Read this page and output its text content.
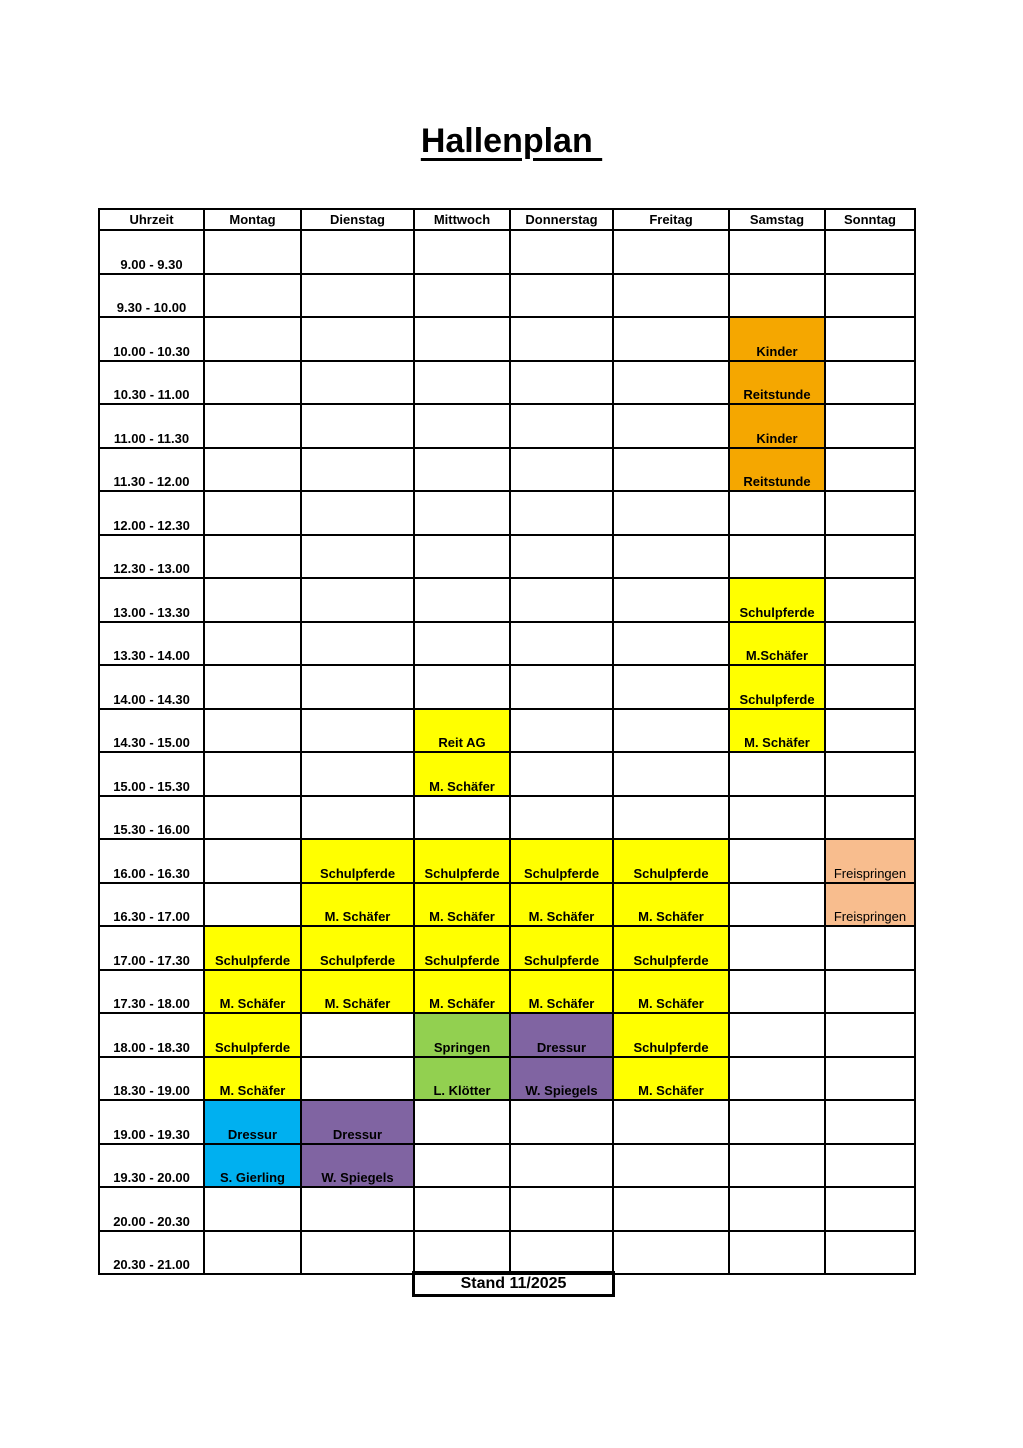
Hallenplan
Uhrzeit	Montag	Dienstag	Mittwoch	Donnerstag	Freitag	Samstag	Sonntag
9.00 - 9.30							
9.30 - 10.00							
10.00 - 10.30						Kinder	
10.30 - 11.00						Reitstunde	
11.00 - 11.30						Kinder	
11.30 - 12.00						Reitstunde	
12.00 - 12.30							
12.30 - 13.00							
13.00 - 13.30						Schulpferde	
13.30 - 14.00						M.Schäfer	
14.00 - 14.30						Schulpferde	
14.30 - 15.00			Reit AG			M. Schäfer	
15.00 - 15.30			M. Schäfer				
15.30 - 16.00							
16.00 - 16.30		Schulpferde	Schulpferde	Schulpferde	Schulpferde		Freispringen
16.30 - 17.00		M. Schäfer	M. Schäfer	M. Schäfer	M. Schäfer		Freispringen
17.00 - 17.30	Schulpferde	Schulpferde	Schulpferde	Schulpferde	Schulpferde		
17.30 - 18.00	M. Schäfer	M. Schäfer	M. Schäfer	M. Schäfer	M. Schäfer		
18.00 - 18.30	Schulpferde		Springen	Dressur	Schulpferde		
18.30 - 19.00	M. Schäfer		L. Klötter	W. Spiegels	M. Schäfer		
19.00 - 19.30	Dressur	Dressur					
19.30 - 20.00	S. Gierling	W. Spiegels					
20.00 - 20.30							
20.30 - 21.00							
Stand 11/2025
